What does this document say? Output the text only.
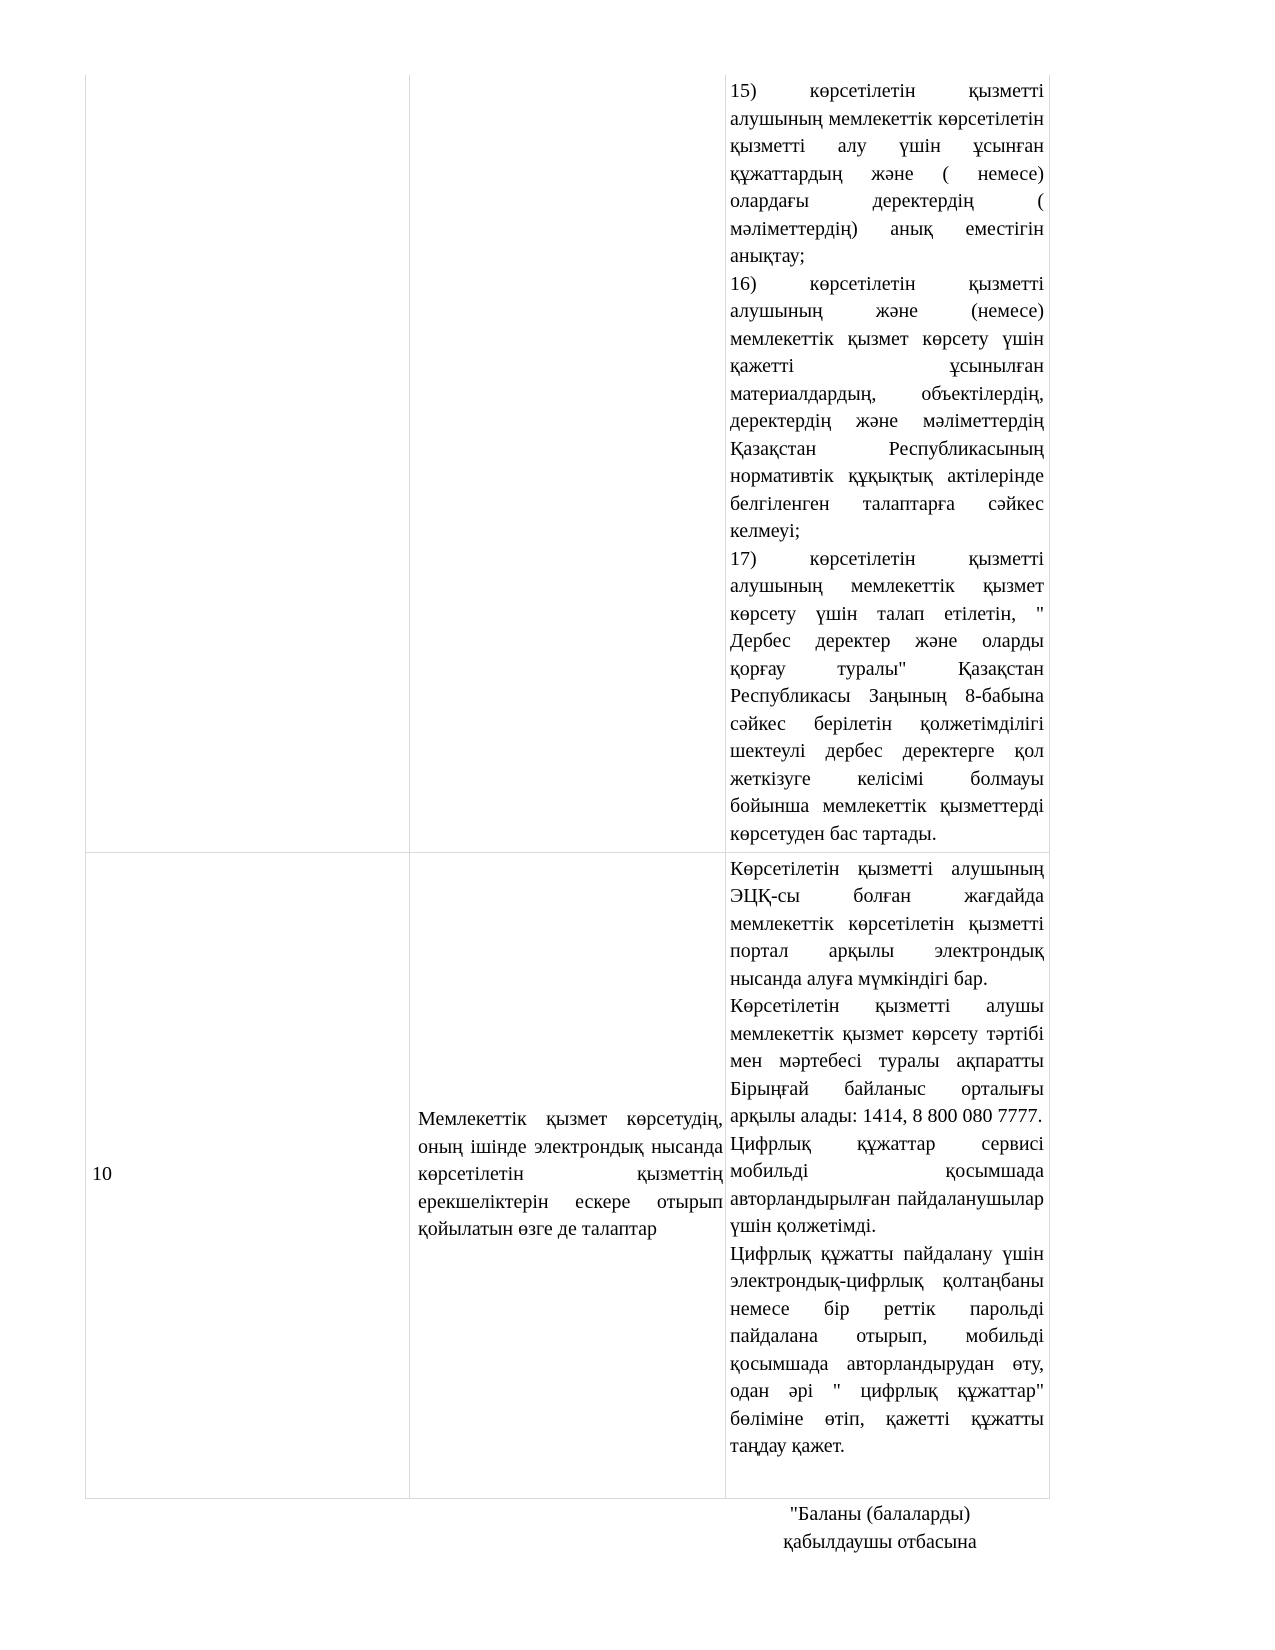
		15) көрсетілетін қызметті алушының мемлекеттік көрсетілетін қызметті алу үшін ұсынған құжаттардың және ( немесе) олардағы деректердің ( мәліметтердің) анық еместігін анықтау;

16) көрсетілетін қызметті алушының және (немесе) мемлекеттік қызмет көрсету үшін қажетті ұсынылған материалдардың, объектілердің, деректердің және мәліметтердің Қазақстан Республикасының нормативтік құқықтық актілерінде белгіленген талаптарға сәйкес келмеуі;

17) көрсетілетін қызметті алушының мемлекеттік қызмет көрсету үшін талап етілетін, " Дербес деректер және оларды қорғау туралы" Қазақстан Республикасы Заңының 8-бабына сәйкес берілетін қолжетімділігі шектеулі дербес деректерге қол жеткізуге келісімі болмауы бойынша мемлекеттік қызметтерді көрсетуден бас тартады.

10	Мемлекеттік қызмет көрсетудің, оның ішінде электрондық нысанда көрсетілетін қызметтің ерекшеліктерін ескере отырып қойылатын өзге де талаптар	Көрсетілетін қызметті алушының ЭЦҚ-сы болған жағдайда мемлекеттік көрсетілетін қызметті портал арқылы электрондық нысанда алуға мүмкіндігі бар.

Көрсетілетін қызметті алушы мемлекеттік қызмет көрсету тәртібі мен мәртебесі туралы ақпаратты Бірыңғай байланыс орталығы арқылы алады: 1414, 8 800 080 7777.

Цифрлық құжаттар сервисі мобильді қосымшада авторландырылған пайдаланушылар үшін қолжетімді.

Цифрлық құжатты пайдалану үшін электрондық-цифрлық қолтаңбаны немесе бір реттік парольді пайдалана отырып, мобильді қосымшада авторландырудан өту, одан әрі " цифрлық құжаттар" бөліміне өтіп, қажетті құжатты таңдау қажет.

"Баланы (балаларды)
қабылдаушы отбасына
